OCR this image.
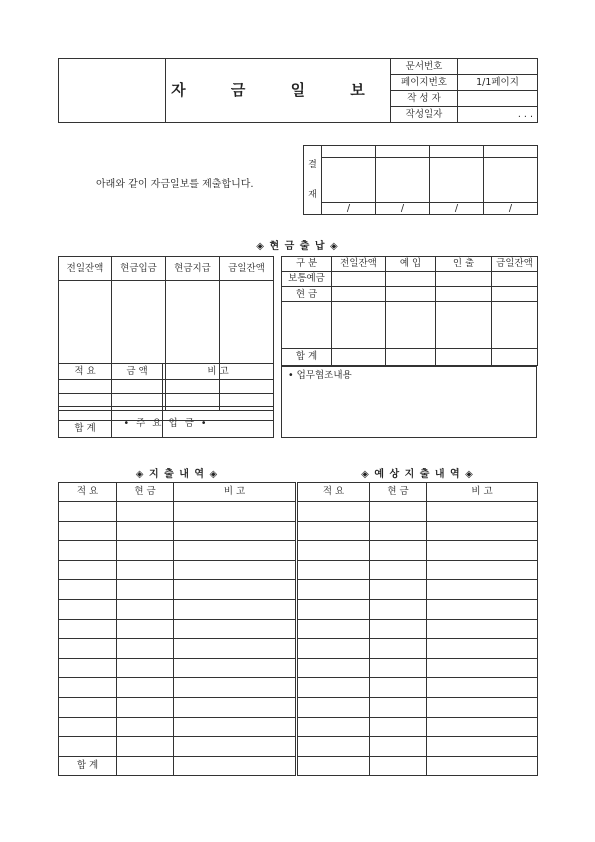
	자 금 일 보	문서번호	
		페이지번호	1/1페이지
		작 성 자	
		작성일자	. . .
아래와 같이 자금일보를 제출합니다.
결
재				

	/	/	/	/
◈ 현 금 출 납 ◈
전일잔액	현금입금	현금지급	금일잔액

• 주 요 입 금 •			
적 요	금 액	비 고

합 계		
구 분	전일잔액	예 입	인 출	금일잔액
보통예금				
현 금				

합 계				
• 업무협조내용
◈ 지 출 내 역 ◈	◈ 예 상 지 출 내 역 ◈
적 요	현 금	비 고	적 요	현 금	비 고

합 계					
